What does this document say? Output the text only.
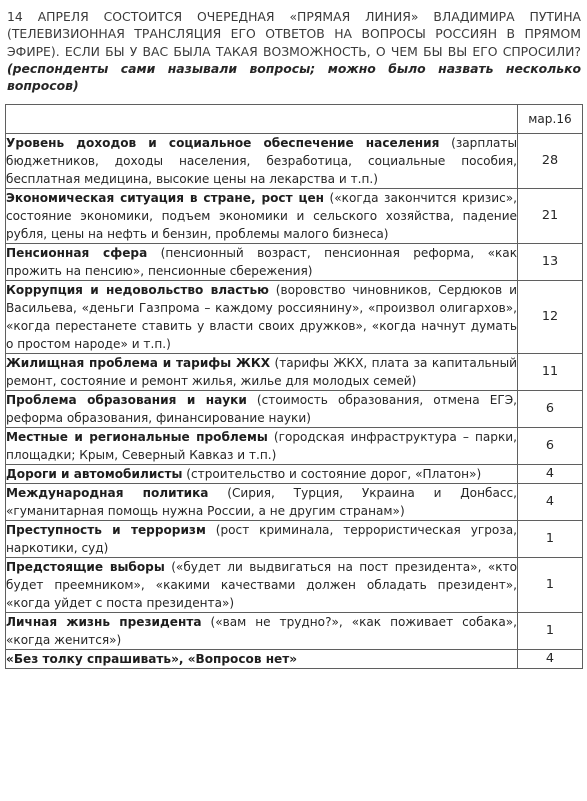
14 АПРЕЛЯ СОСТОИТСЯ ОЧЕРЕДНАЯ «ПРЯМАЯ ЛИНИЯ» ВЛАДИМИРА ПУТИНА (ТЕЛЕВИЗИОННАЯ ТРАНСЛЯЦИЯ ЕГО ОТВЕТОВ НА ВОПРОСЫ РОССИЯН В ПРЯМОМ ЭФИРЕ). ЕСЛИ БЫ У ВАС БЫЛА ТАКАЯ ВОЗМОЖНОСТЬ, О ЧЕМ БЫ ВЫ ЕГО СПРОСИЛИ? (респонденты сами называли вопросы; можно было назвать несколько вопросов)
	мар.16
Уровень доходов и социальное обеспечение населения (зарплаты бюджетников, доходы населения, безработица, социальные пособия, бесплатная медицина, высокие цены на лекарства и т.п.)	28
Экономическая ситуация в стране, рост цен («когда закончится кризис», состояние экономики, подъем экономики и сельского хозяйства, падение рубля, цены на нефть и бензин, проблемы малого бизнеса)	21
Пенсионная сфера (пенсионный возраст, пенсионная реформа, «как прожить на пенсию», пенсионные сбережения)	13
Коррупция и недовольство властью (воровство чиновников, Сердюков и Васильева, «деньги Газпрома – каждому россиянину», «произвол олигархов», «когда перестанете ставить у власти своих дружков», «когда начнут думать о простом народе» и т.п.)	12
Жилищная проблема и тарифы ЖКХ (тарифы ЖКХ, плата за капитальный ремонт, состояние и ремонт жилья, жилье для молодых семей)	11
Проблема образования и науки (стоимость образования, отмена ЕГЭ, реформа образования, финансирование науки)	6
Местные и региональные проблемы (городская инфраструктура – парки, площадки; Крым, Северный Кавказ и т.п.)	6
Дороги и автомобилисты (строительство и состояние дорог, «Платон»)	4
Международная политика (Сирия, Турция, Украина и Донбасс, «гуманитарная помощь нужна России, а не другим странам»)	4
Преступность и терроризм (рост криминала, террористическая угроза, наркотики, суд)	1
Предстоящие выборы («будет ли выдвигаться на пост президента», «кто будет преемником», «какими качествами должен обладать президент», «когда уйдет с поста президента»)	1
Личная жизнь президента («вам не трудно?», «как поживает собака», «когда женится»)	1
«Без толку спрашивать», «Вопросов нет»	4
